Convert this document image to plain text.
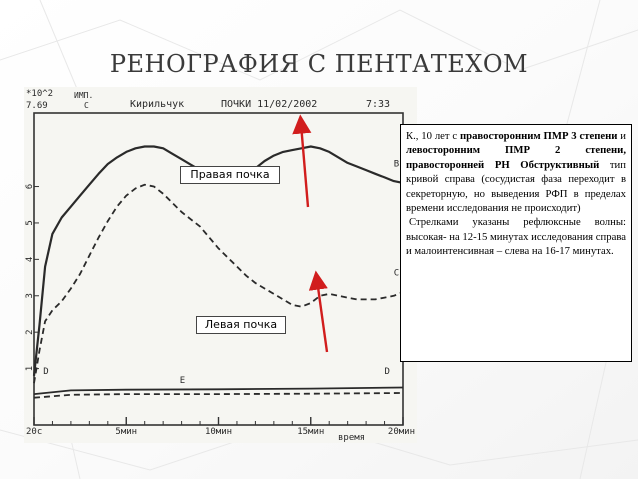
РЕНОГРАФИЯ С ПЕНТАТЕХОМ
*10^2
7.69
ИМП.
С	Кирильчук	ПОЧКИ 11/02/2002	7:33
6
5
4
3
2
1
20с	5мин	10мин	15мин	20мин
B
C
D
E
D
время
Правая почка
Левая почка

К., 10 лет с правосторонним ПМР 3 степени и левосторонним ПМР 2 степени, правосторонней РН Обструктивный тип кривой справа (сосудистая фаза переходит в секреторную, но выведения РФП в пределах времени исследования не происходит)

Стрелками указаны рефлюксные волны: высокая- на 12-15 минутах исследования справа и малоинтенсивная – слева на 16-17 минутах.
